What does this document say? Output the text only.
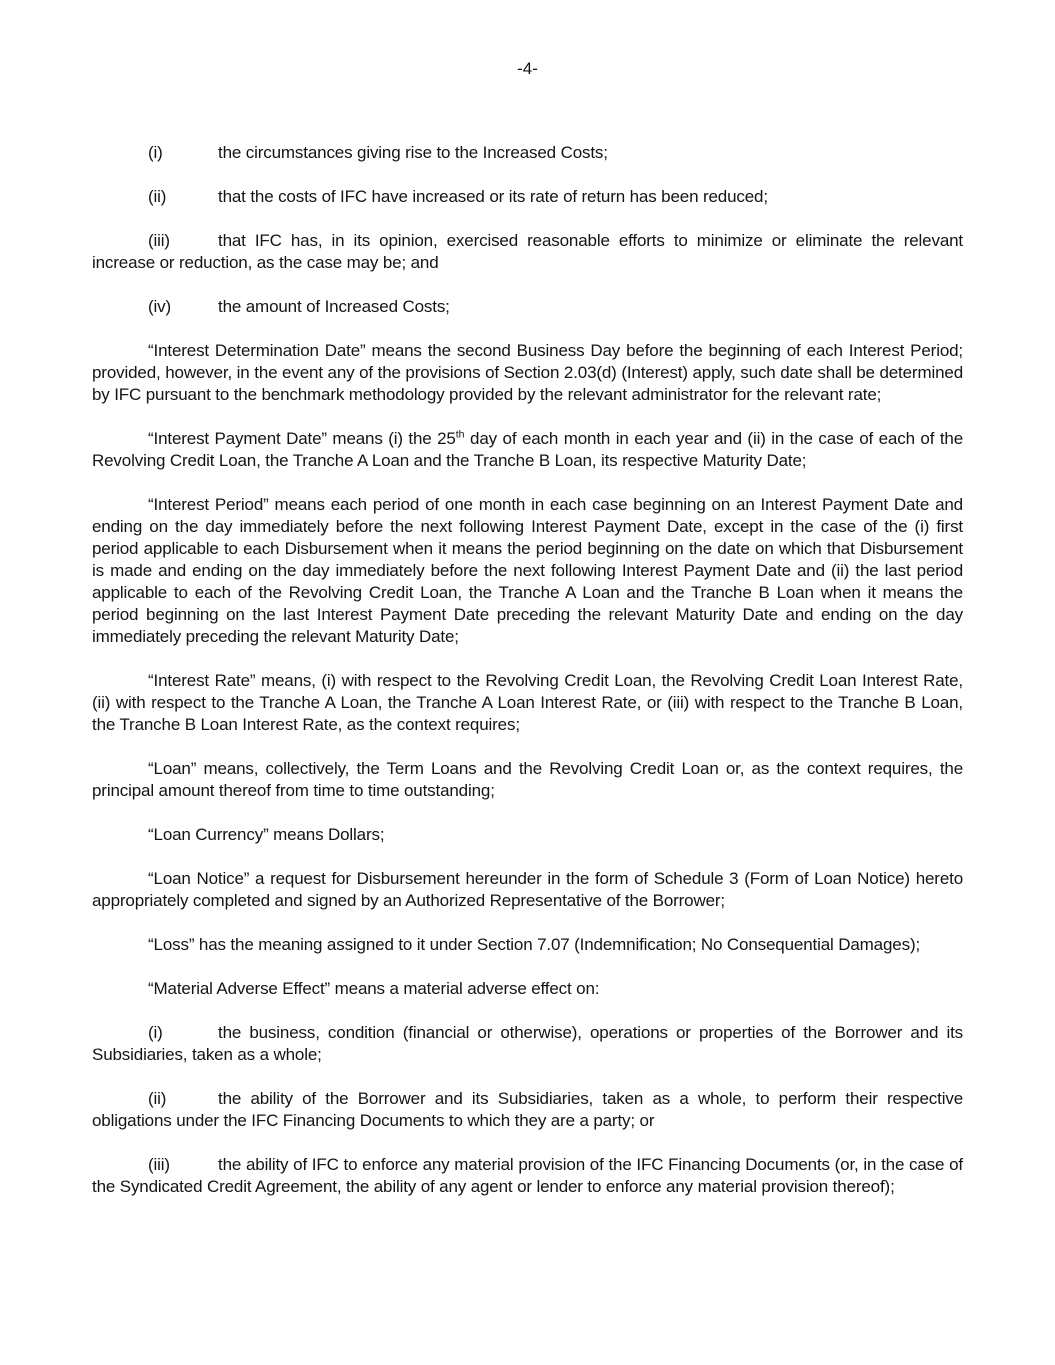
-4-

(i)	the circumstances giving rise to the Increased Costs;

(ii)	that the costs of IFC have increased or its rate of return has been reduced;

(iii)	that IFC has, in its opinion, exercised reasonable efforts to minimize or eliminate the relevant increase or reduction, as the case may be; and

(iv)	the amount of Increased Costs;

“Interest Determination Date” means the second Business Day before the beginning of each Interest Period; provided, however, in the event any of the provisions of Section 2.03(d) (Interest) apply, such date shall be determined by IFC pursuant to the benchmark methodology provided by the relevant administrator for the relevant rate;

“Interest Payment Date” means (i) the 25th day of each month in each year and (ii) in the case of each of the Revolving Credit Loan, the Tranche A Loan and the Tranche B Loan, its respective Maturity Date;

“Interest Period” means each period of one month in each case beginning on an Interest Payment Date and ending on the day immediately before the next following Interest Payment Date, except in the case of the (i) first period applicable to each Disbursement when it means the period beginning on the date on which that Disbursement is made and ending on the day immediately before the next following Interest Payment Date and (ii) the last period applicable to each of the Revolving Credit Loan, the Tranche A Loan and the Tranche B Loan when it means the period beginning on the last Interest Payment Date preceding the relevant Maturity Date and ending on the day immediately preceding the relevant Maturity Date;

“Interest Rate” means, (i) with respect to the Revolving Credit Loan, the Revolving Credit Loan Interest Rate, (ii) with respect to the Tranche A Loan, the Tranche A Loan Interest Rate, or (iii) with respect to the Tranche B Loan, the Tranche B Loan Interest Rate, as the context requires;

“Loan” means, collectively, the Term Loans and the Revolving Credit Loan or, as the context requires, the principal amount thereof from time to time outstanding;

“Loan Currency” means Dollars;

“Loan Notice” a request for Disbursement hereunder in the form of Schedule 3 (Form of Loan Notice) hereto appropriately completed and signed by an Authorized Representative of the Borrower;

“Loss” has the meaning assigned to it under Section 7.07 (Indemnification; No Consequential Damages);

“Material Adverse Effect” means a material adverse effect on:

(i)	the business, condition (financial or otherwise), operations or properties of the Borrower and its Subsidiaries, taken as a whole;

(ii)	the ability of the Borrower and its Subsidiaries, taken as a whole, to perform their respective obligations under the IFC Financing Documents to which they are a party; or

(iii)	the ability of IFC to enforce any material provision of the IFC Financing Documents (or, in the case of the Syndicated Credit Agreement, the ability of any agent or lender to enforce any material provision thereof);
